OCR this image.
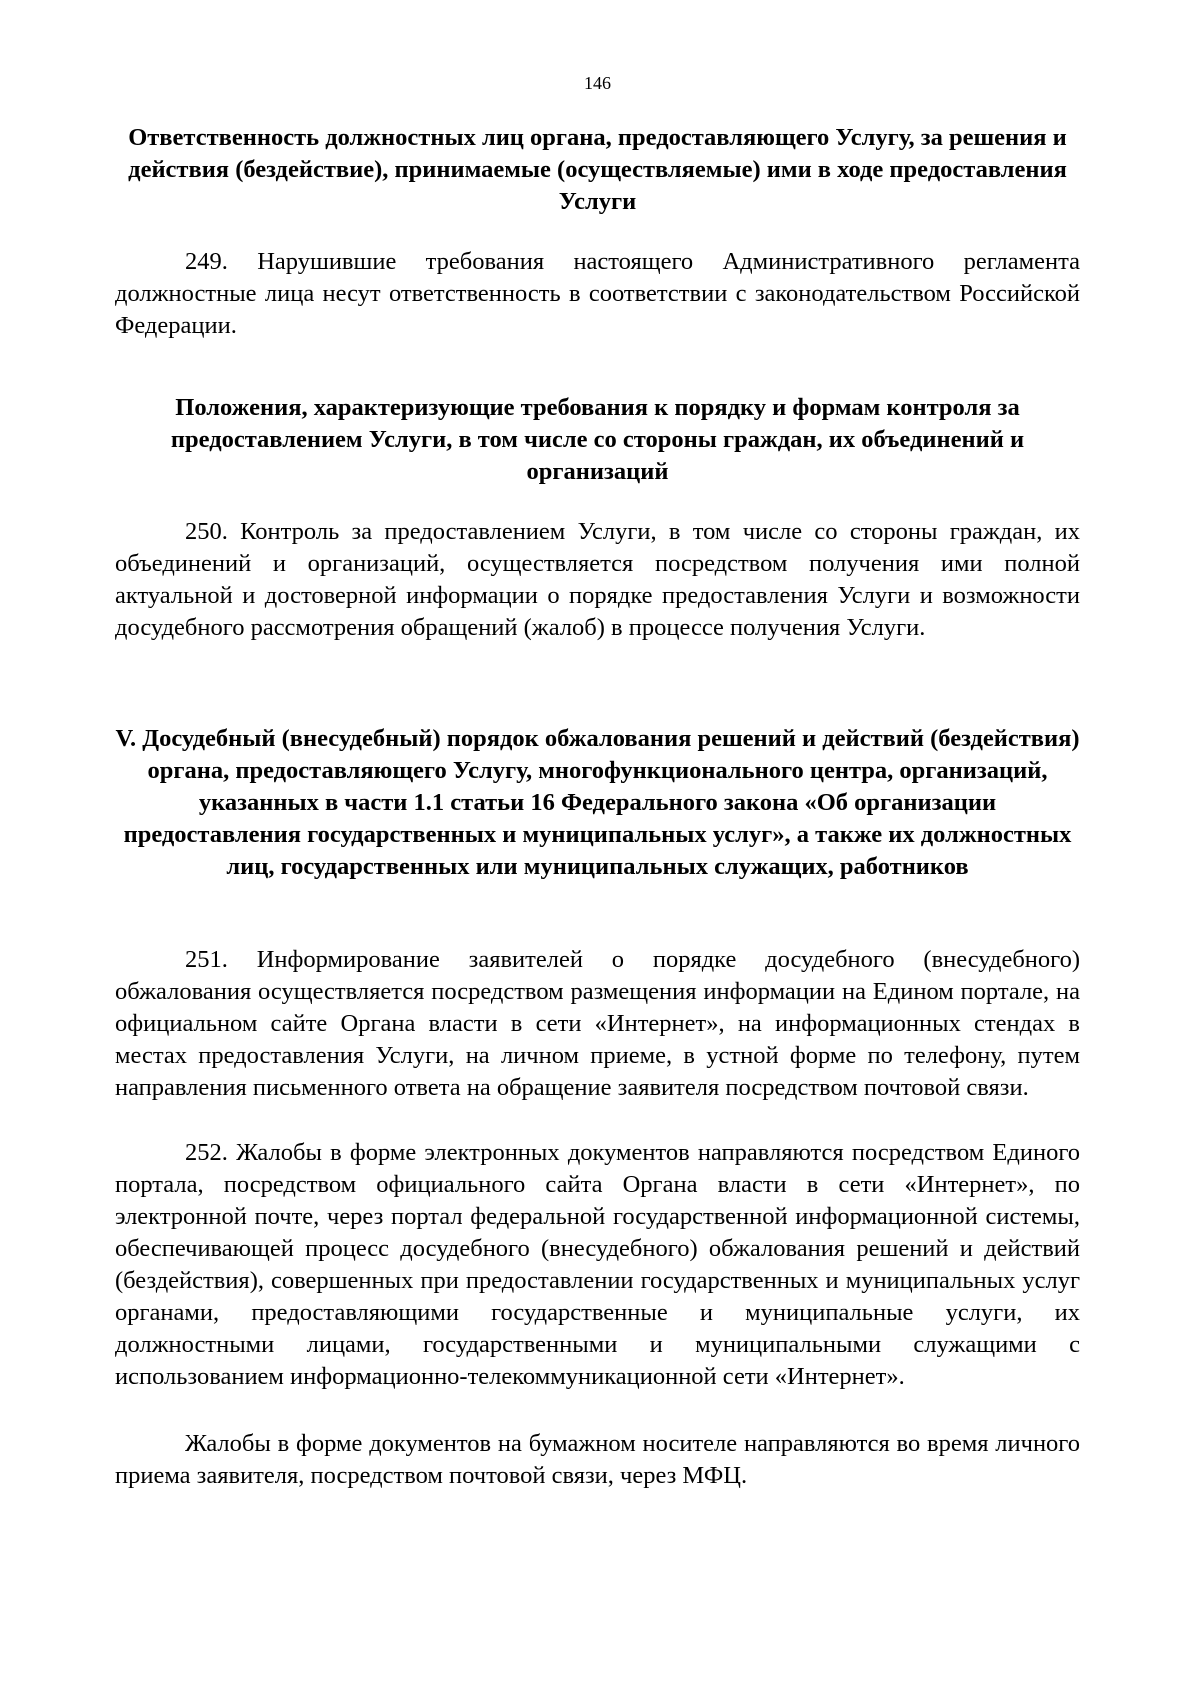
146

Ответственность должностных лиц органа, предоставляющего Услугу, за решения и действия (бездействие), принимаемые (осуществляемые) ими в ходе предоставления Услуги

249. Нарушившие требования настоящего Административного регламента должностные лица несут ответственность в соответствии с законодательством Российской Федерации.

Положения, характеризующие требования к порядку и формам контроля за предоставлением Услуги, в том числе со стороны граждан, их объединений и организаций

250. Контроль за предоставлением Услуги, в том числе со стороны граждан, их объединений и организаций, осуществляется посредством получения ими полной актуальной и достоверной информации о порядке предоставления Услуги и возможности досудебного рассмотрения обращений (жалоб) в процессе получения Услуги.

V. Досудебный (внесудебный) порядок обжалования решений и действий (бездействия) органа, предоставляющего Услугу, многофункционального центра, организаций, указанных в части 1.1 статьи 16 Федерального закона «Об организации предоставления государственных и муниципальных услуг», а также их должностных лиц, государственных или муниципальных служащих, работников

251. Информирование заявителей о порядке досудебного (внесудебного) обжалования осуществляется посредством размещения информации на Едином портале, на официальном сайте Органа власти в сети «Интернет», на информационных стендах в местах предоставления Услуги, на личном приеме, в устной форме по телефону, путем направления письменного ответа на обращение заявителя посредством почтовой связи.

252. Жалобы в форме электронных документов направляются посредством Единого портала, посредством официального сайта Органа власти в сети «Интернет», по электронной почте, через портал федеральной государственной информационной системы, обеспечивающей процесс досудебного (внесудебного) обжалования решений и действий (бездействия), совершенных при предоставлении государственных и муниципальных услуг органами, предоставляющими государственные и муниципальные услуги, их должностными лицами, государственными и муниципальными служащими с использованием информационно-телекоммуникационной сети «Интернет».

Жалобы в форме документов на бумажном носителе направляются во время личного приема заявителя, посредством почтовой связи, через МФЦ.
